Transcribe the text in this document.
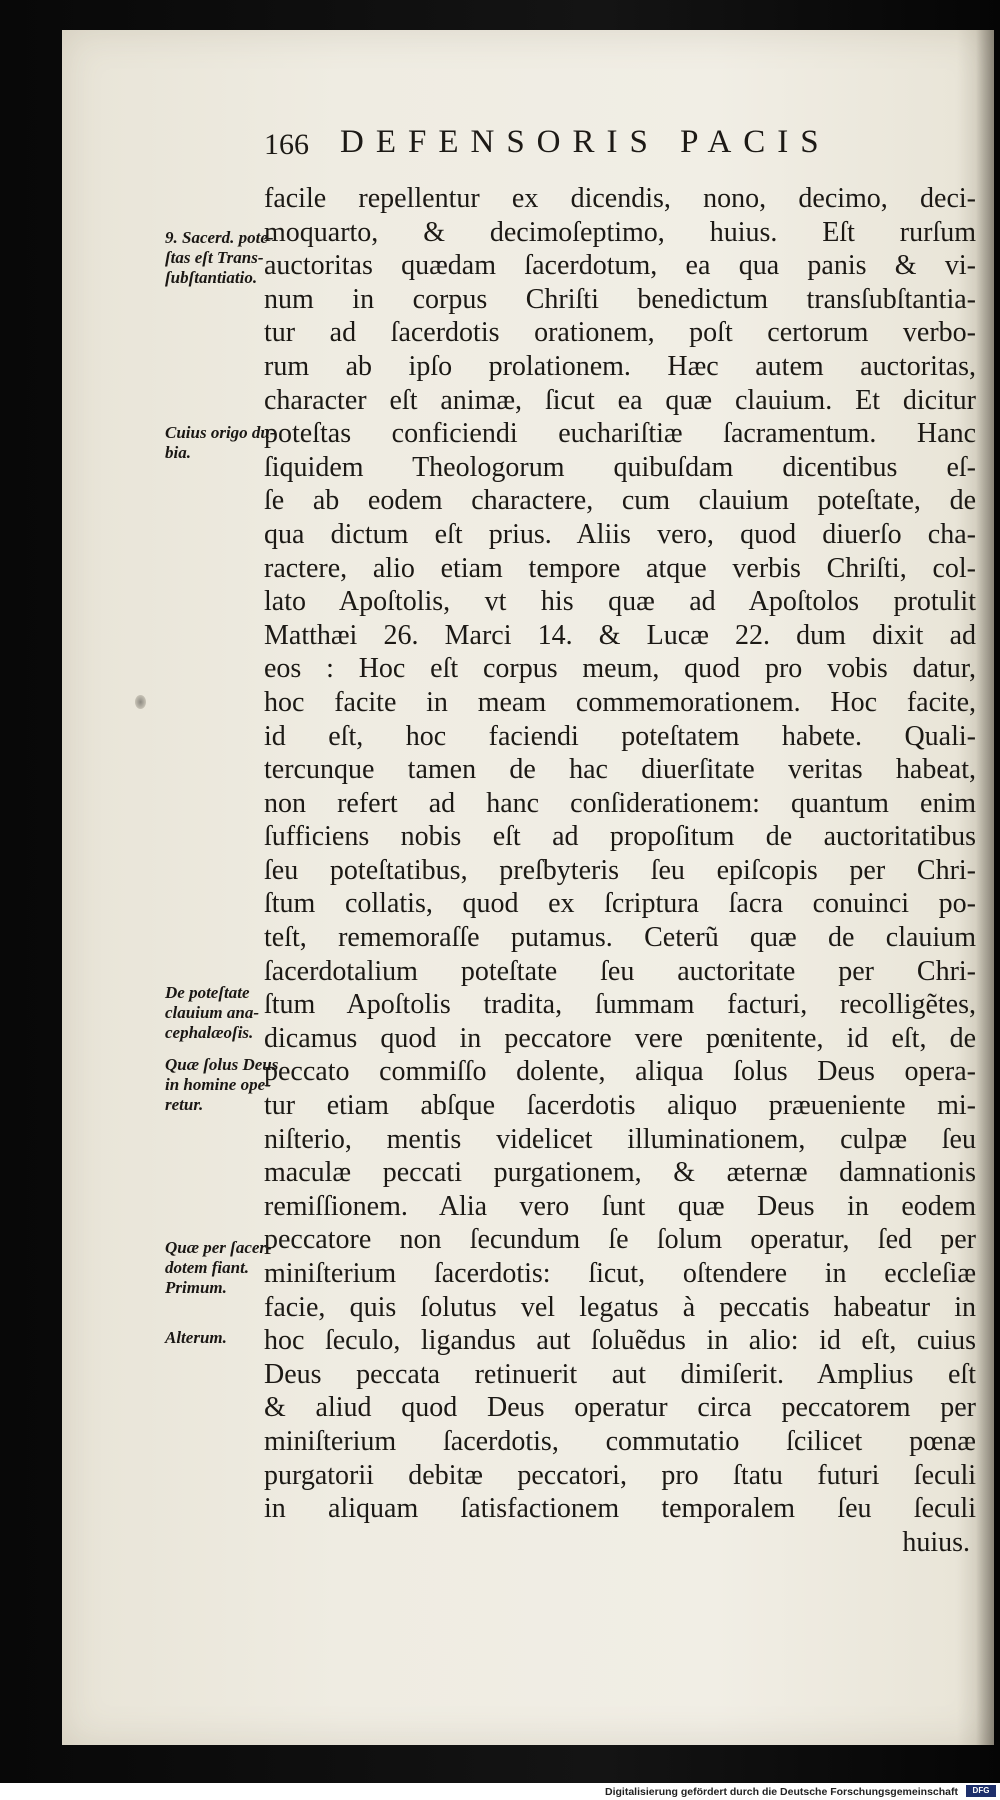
166 DEFENSORIS PACIS
facile repellentur ex dicendis, nono, decimo, deci-
moquarto, & decimoſeptimo, huius. Eſt rurſum
auctoritas quædam ſacerdotum, ea qua panis & vi-
num in corpus Chriſti benedictum transſubſtantia-
tur ad ſacerdotis orationem, poſt certorum verbo-
rum ab ipſo prolationem. Hæc autem auctoritas,
character eſt animæ, ſicut ea quæ clauium. Et dicitur
poteſtas conficiendi euchariſtiæ ſacramentum. Hanc
ſiquidem Theologorum quibuſdam dicentibus eſ-
ſe ab eodem charactere, cum clauium poteſtate, de
qua dictum eſt prius. Aliis vero, quod diuerſo cha-
ractere, alio etiam tempore atque verbis Chriſti, col-
lato Apoſtolis, vt his quæ ad Apoſtolos protulit
Matthæi 26. Marci 14. & Lucæ 22. dum dixit ad
eos : Hoc eſt corpus meum, quod pro vobis datur,
hoc facite in meam commemorationem. Hoc facite,
id eſt, hoc faciendi poteſtatem habete. Quali-
tercunque tamen de hac diuerſitate veritas habeat,
non refert ad hanc conſiderationem: quantum enim
ſufficiens nobis eſt ad propoſitum de auctoritatibus
ſeu poteſtatibus, preſbyteris ſeu epiſcopis per Chri-
ſtum collatis, quod ex ſcriptura ſacra conuinci po-
teſt, rememoraſſe putamus. Ceterũ quæ de clauium
ſacerdotalium poteſtate ſeu auctoritate per Chri-
ſtum Apoſtolis tradita, ſummam facturi, recolligẽtes,
dicamus quod in peccatore vere pœnitente, id eſt, de
peccato commiſſo dolente, aliqua ſolus Deus opera-
tur etiam abſque ſacerdotis aliquo præueniente mi-
niſterio, mentis videlicet illuminationem, culpæ ſeu
maculæ peccati purgationem, & æternæ damnationis
remiſſionem. Alia vero ſunt quæ Deus in eodem
peccatore non ſecundum ſe ſolum operatur, ſed per
miniſterium ſacerdotis: ſicut, oſtendere in eccleſiæ
facie, quis ſolutus vel legatus à peccatis habeatur in
hoc ſeculo, ligandus aut ſoluẽdus in alio: id eſt, cuius
Deus peccata retinuerit aut dimiſerit. Amplius eſt
& aliud quod Deus operatur circa peccatorem per
miniſterium ſacerdotis, commutatio ſcilicet pœnæ
purgatorii debitæ peccatori, pro ſtatu futuri ſeculi
in aliquam ſatisfactionem temporalem ſeu ſeculi
huius.
9. Sacerd. pote-
ſtas eſt Trans-
ſubſtantiatio.
Cuius origo du-
bia.
De poteſtate
clauium ana-
cephalæoſis.
Quæ ſolus Deus
in homine ope-
retur.
Quæ per ſacer-
dotem fiant.
Primum.
Alterum.
Digitalisierung gefördert durch die Deutsche Forschungsgemeinschaft	DFG
